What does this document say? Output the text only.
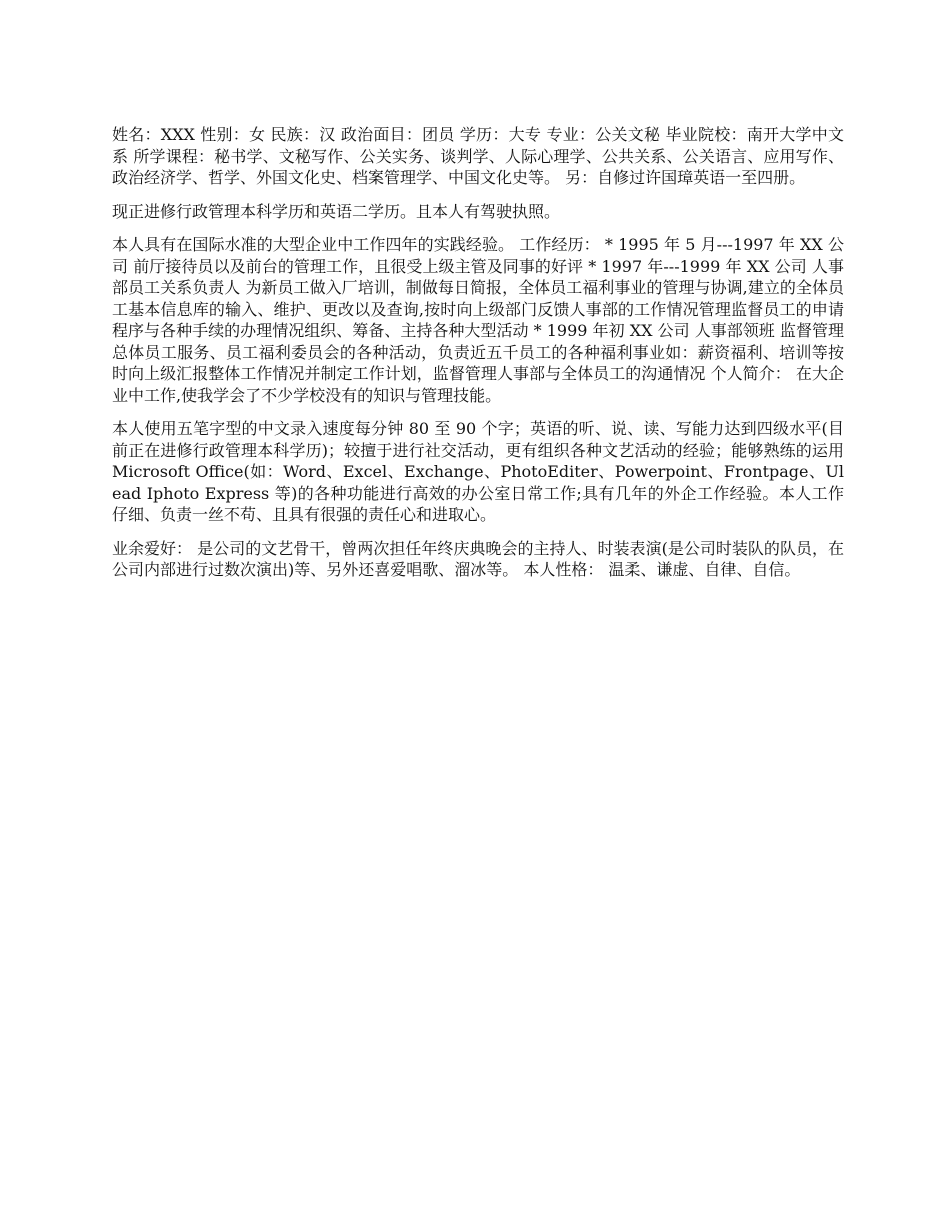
姓名：XXX 性别：女 民族：汉 政治面目：团员 学历：大专 专业：公关文秘 毕业院校：南开大学中文系 所学课程：秘书学、文秘写作、公关实务、谈判学、人际心理学、公共关系、公关语言、应用写作、政治经济学、哲学、外国文化史、档案管理学、中国文化史等。 另：自修过许国璋英语一至四册。

现正进修行政管理本科学历和英语二学历。且本人有驾驶执照。

本人具有在国际水准的大型企业中工作四年的实践经验。 工作经历： * 1995 年 5 月---1997 年 XX 公司 前厅接待员以及前台的管理工作，且很受上级主管及同事的好评 * 1997 年---1999 年 XX 公司 人事部员工关系负责人 为新员工做入厂培训，制做每日简报，全体员工福利事业的管理与协调,建立的全体员工基本信息库的输入、维护、更改以及查询,按时向上级部门反馈人事部的工作情况管理监督员工的申请程序与各种手续的办理情况组织、筹备、主持各种大型活动 * 1999 年初 XX 公司 人事部领班 监督管理总体员工服务、员工福利委员会的各种活动，负责近五千员工的各种福利事业如：薪资福利、培训等按时向上级汇报整体工作情况并制定工作计划，监督管理人事部与全体员工的沟通情况 个人简介： 在大企业中工作,使我学会了不少学校没有的知识与管理技能。

本人使用五笔字型的中文录入速度每分钟 80 至 90 个字；英语的听、说、读、写能力达到四级水平(目前正在进修行政管理本科学历)；较擅于进行社交活动，更有组织各种文艺活动的经验；能够熟练的运用 Microsoft Office(如：Word、Excel、Exchange、PhotoEditer、Powerpoint、Frontpage、Ulead Iphoto Express 等)的各种功能进行高效的办公室日常工作;具有几年的外企工作经验。本人工作仔细、负责一丝不苟、且具有很强的责任心和进取心。

业余爱好： 是公司的文艺骨干，曾两次担任年终庆典晚会的主持人、时装表演(是公司时装队的队员，在公司内部进行过数次演出)等、另外还喜爱唱歌、溜冰等。 本人性格： 温柔、谦虚、自律、自信。
